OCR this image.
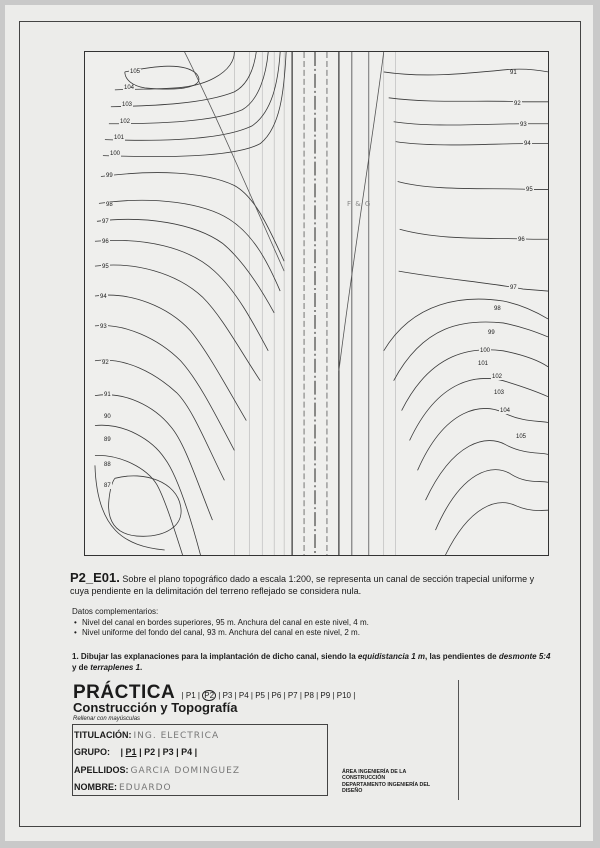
105
104
103
102
101
100
99
98
97
96
95
94
93
92
91
90
89
88
87
91
92
93
94
95
96
97
98
99
100
101
102
103
104
105
F & G
P2_E01. Sobre el plano topográfico dado a escala 1:200, se representa un canal de sección trapecial uniforme y cuya pendiente en la delimitación del terreno reflejado se considera nula.
Datos complementarios:
• Nivel del canal en bordes superiores, 95 m. Anchura del canal en este nivel, 4 m.
• Nivel uniforme del fondo del canal, 93 m. Anchura del canal en este nivel, 2 m.
1. Dibujar las explanaciones para la implantación de dicho canal, siendo la equidistancia 1 m, las pendientes de desmonte 5:4 y de terraplenes 1.
PRÁCTICA | P1 | P2 | P3 | P4 | P5 | P6 | P7 | P8 | P9 | P10 |
Construcción y Topografía
Rellenar con mayúsculas
TITULACIÓN: ING. ELECTRICA
GRUPO: | P1 | P2 | P3 | P4 |
APELLIDOS: GARCIA DOMINGUEZ
NOMBRE: EDUARDO
ÁREA INGENIERÍA DE LA
CONSTRUCCIÓN
DEPARTAMENTO INGENIERÍA DEL
DISEÑO
